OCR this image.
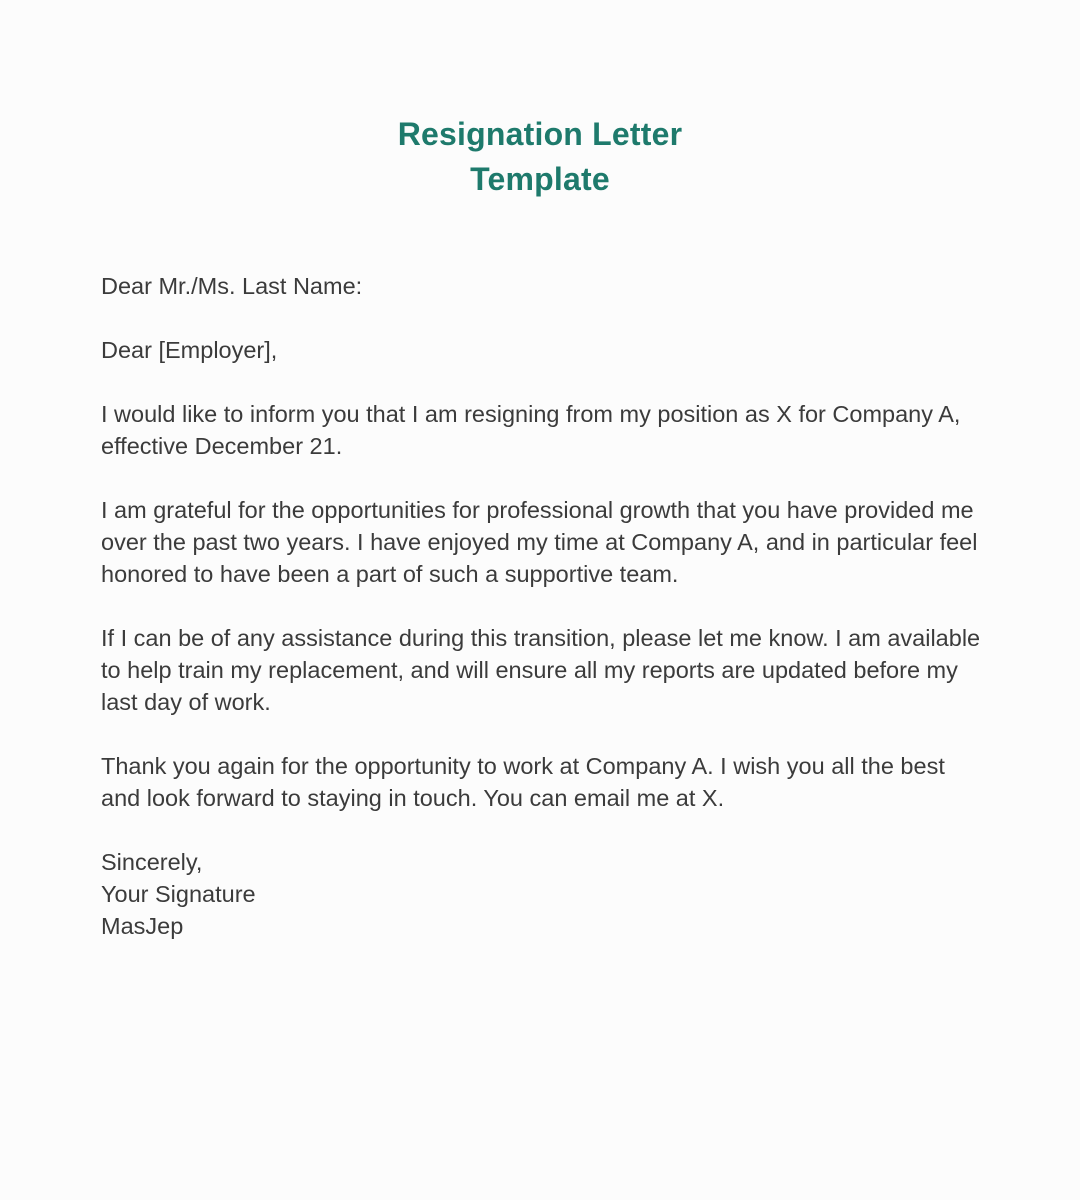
Resignation Letter
Template

Dear Mr./Ms. Last Name:

Dear [Employer],

I would like to inform you that I am resigning from my position as X for Company A, effective December 21.

I am grateful for the opportunities for professional growth that you have provided me over the past two years. I have enjoyed my time at Company A, and in particular feel honored to have been a part of such a supportive team.

If I can be of any assistance during this transition, please let me know. I am available to help train my replacement, and will ensure all my reports are updated before my last day of work.

Thank you again for the opportunity to work at Company A. I wish you all the best and look forward to staying in touch. You can email me at X.

Sincerely,
Your Signature
MasJep
